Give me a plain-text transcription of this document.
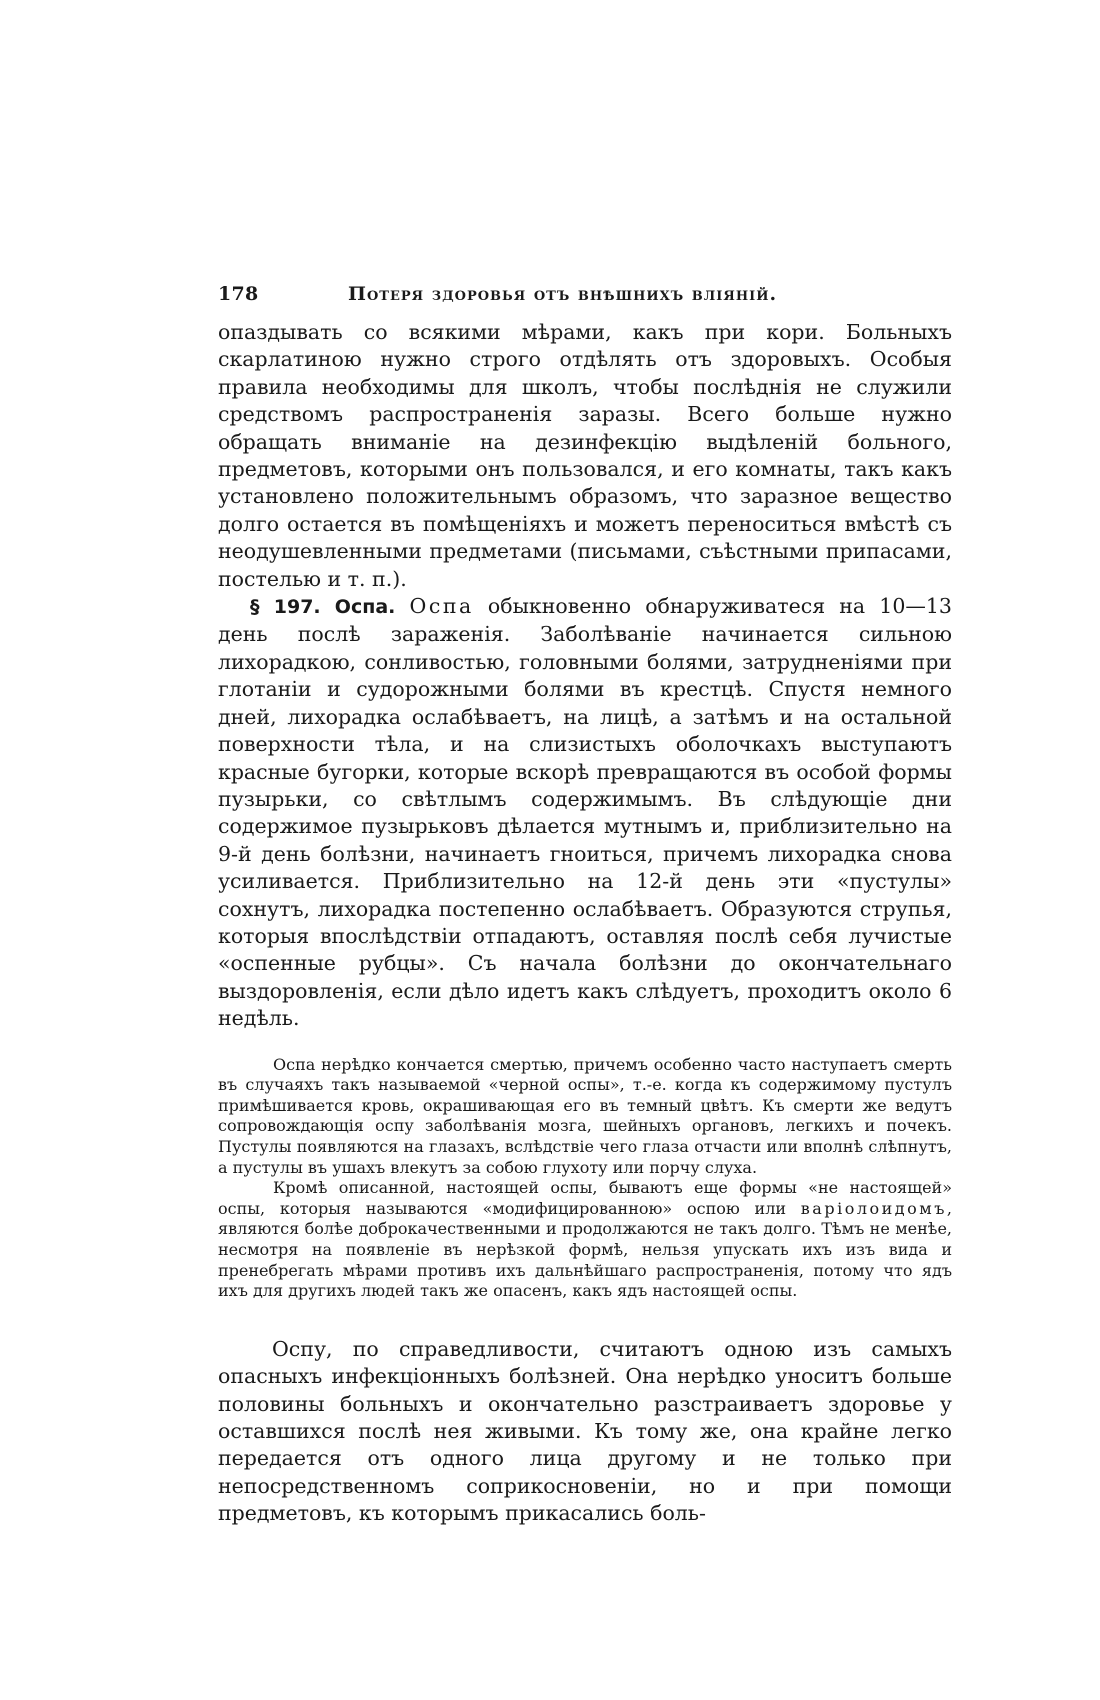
178	Потеря здоровья отъ внѣшнихъ вліяній.

опаздывать со всякими мѣрами, какъ при кори. Больныхъ скарлатиною нужно строго отдѣлять отъ здоровыхъ. Особыя правила необходимы для школъ, чтобы послѣднія не служили средствомъ распространенія заразы. Всего больше нужно обращать вниманіе на дезинфекцію выдѣленій больного, предметовъ, которыми онъ пользовался, и его комнаты, такъ какъ установлено положительнымъ образомъ, что заразное вещество долго остается въ помѣщеніяхъ и можетъ переноситься вмѣстѣ съ неодушевленными предметами (письмами, съѣстными припасами, постелью и т. п.).

§ 197. Оспа. Оспа обыкновенно обнаруживатеся на 10—13 день послѣ зараженія. Заболѣваніе начинается сильною лихорадкою, сонливостью, головными болями, затрудненіями при глотаніи и судорожными болями въ крестцѣ. Спустя немного дней, лихорадка ослабѣваетъ, на лицѣ, а затѣмъ и на остальной поверхности тѣла, и на слизистыхъ оболочкахъ выступаютъ красные бугорки, которые вскорѣ превращаются въ особой формы пузырьки, со свѣтлымъ содержимымъ. Въ слѣдующіе дни содержимое пузырьковъ дѣлается мутнымъ и, приблизительно на 9-й день болѣзни, начинаетъ гноиться, причемъ лихорадка снова усиливается. Приблизительно на 12-й день эти «пустулы» сохнутъ, лихорадка постепенно ослабѣваетъ. Образуются струпья, которыя впослѣдствіи отпадаютъ, оставляя послѣ себя лучистые «оспенные рубцы». Съ начала болѣзни до окончательнаго выздоровленія, если дѣло идетъ какъ слѣдуетъ, проходитъ около 6 недѣль.

Оспа нерѣдко кончается смертью, причемъ особенно часто наступаетъ смерть въ случаяхъ такъ называемой «черной оспы», т.-е. когда къ содержимому пустулъ примѣшивается кровь, окрашивающая его въ темный цвѣтъ. Къ смерти же ведутъ сопровождающія оспу заболѣванія мозга, шейныхъ органовъ, легкихъ и почекъ. Пустулы появляются на глазахъ, вслѣдствіе чего глаза отчасти или вполнѣ слѣпнутъ, а пустулы въ ушахъ влекутъ за собою глухоту или порчу слуха.

Кромѣ описанной, настоящей оспы, бываютъ еще формы «не настоящей» оспы, которыя называются «модифицированною» оспою или варіолоидомъ, являются болѣе доброкачественными и продолжаются не такъ долго. Тѣмъ не менѣе, несмотря на появленіе въ нерѣзкой формѣ, нельзя упускать ихъ изъ вида и пренебрегать мѣрами противъ ихъ дальнѣйшаго распространенія, потому что ядъ ихъ для другихъ людей такъ же опасенъ, какъ ядъ настоящей оспы.

Оспу, по справедливости, считаютъ одною изъ самыхъ опасныхъ инфекціонныхъ болѣзней. Она нерѣдко уноситъ больше половины больныхъ и окончательно разстраиваетъ здоровье у оставшихся послѣ нея живыми. Къ тому же, она крайне легко передается отъ одного лица другому и не только при непосредственномъ соприкосновеніи, но и при помощи предметовъ, къ которымъ прикасались боль-
